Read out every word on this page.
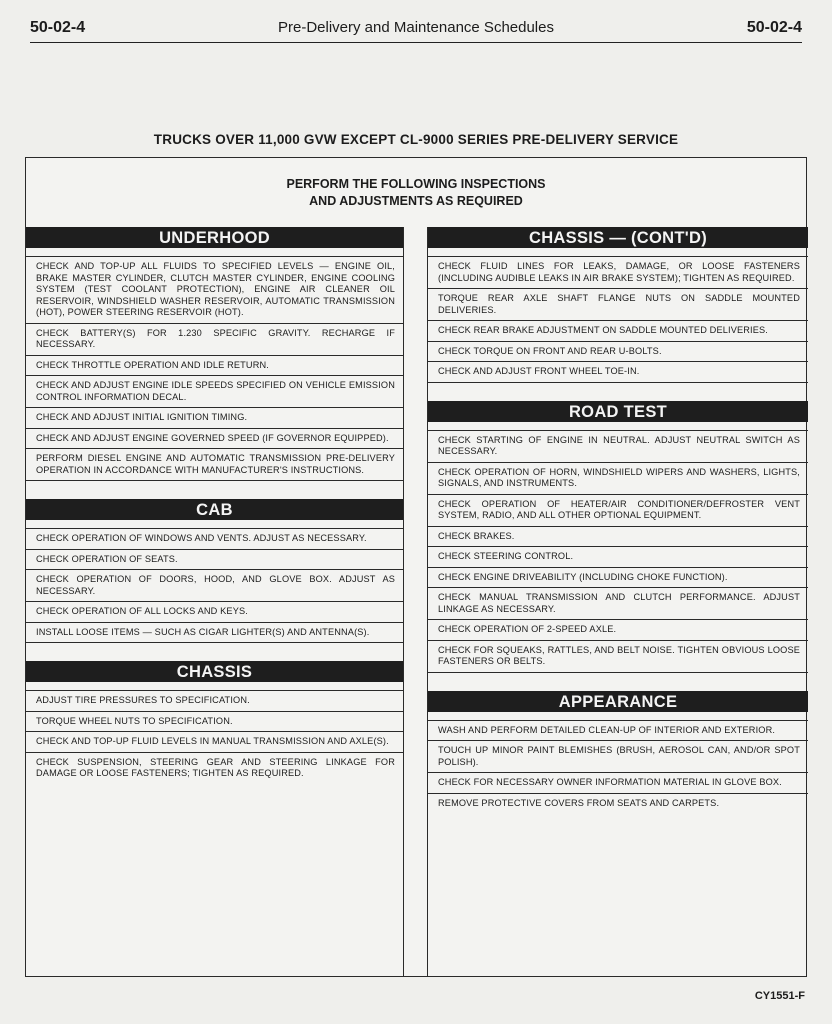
50-02-4	Pre-Delivery and Maintenance Schedules	50-02-4
TRUCKS OVER 11,000 GVW EXCEPT CL-9000 SERIES PRE-DELIVERY SERVICE
PERFORM THE FOLLOWING INSPECTIONS
AND ADJUSTMENTS AS REQUIRED
UNDERHOOD
CHECK AND TOP-UP ALL FLUIDS TO SPECIFIED LEVELS — ENGINE OIL, BRAKE MASTER CYLINDER, CLUTCH MASTER CYLINDER, ENGINE COOLING SYSTEM (TEST COOLANT PROTECTION), ENGINE AIR CLEANER OIL RESERVOIR, WINDSHIELD WASHER RESERVOIR, AUTOMATIC TRANSMISSION (HOT), POWER STEERING RESERVOIR (HOT).
CHECK BATTERY(S) FOR 1.230 SPECIFIC GRAVITY. RECHARGE IF NECESSARY.
CHECK THROTTLE OPERATION AND IDLE RETURN.
CHECK AND ADJUST ENGINE IDLE SPEEDS SPECIFIED ON VEHICLE EMISSION CONTROL INFORMATION DECAL.
CHECK AND ADJUST INITIAL IGNITION TIMING.
CHECK AND ADJUST ENGINE GOVERNED SPEED (IF GOVERNOR EQUIPPED).
PERFORM DIESEL ENGINE AND AUTOMATIC TRANSMISSION PRE-DELIVERY OPERATION IN ACCORDANCE WITH MANUFACTURER'S INSTRUCTIONS.
CAB
CHECK OPERATION OF WINDOWS AND VENTS. ADJUST AS NECESSARY.
CHECK OPERATION OF SEATS.
CHECK OPERATION OF DOORS, HOOD, AND GLOVE BOX. ADJUST AS NECESSARY.
CHECK OPERATION OF ALL LOCKS AND KEYS.
INSTALL LOOSE ITEMS — SUCH AS CIGAR LIGHTER(S) AND ANTENNA(S).
CHASSIS
ADJUST TIRE PRESSURES TO SPECIFICATION.
TORQUE WHEEL NUTS TO SPECIFICATION.
CHECK AND TOP-UP FLUID LEVELS IN MANUAL TRANSMISSION AND AXLE(S).
CHECK SUSPENSION, STEERING GEAR AND STEERING LINKAGE FOR DAMAGE OR LOOSE FASTENERS; TIGHTEN AS REQUIRED.
CHASSIS — (CONT'D)
CHECK FLUID LINES FOR LEAKS, DAMAGE, OR LOOSE FASTENERS (INCLUDING AUDIBLE LEAKS IN AIR BRAKE SYSTEM); TIGHTEN AS REQUIRED.
TORQUE REAR AXLE SHAFT FLANGE NUTS ON SADDLE MOUNTED DELIVERIES.
CHECK REAR BRAKE ADJUSTMENT ON SADDLE MOUNTED DELIVERIES.
CHECK TORQUE ON FRONT AND REAR U-BOLTS.
CHECK AND ADJUST FRONT WHEEL TOE-IN.
ROAD TEST
CHECK STARTING OF ENGINE IN NEUTRAL. ADJUST NEUTRAL SWITCH AS NECESSARY.
CHECK OPERATION OF HORN, WINDSHIELD WIPERS AND WASHERS, LIGHTS, SIGNALS, AND INSTRUMENTS.
CHECK OPERATION OF HEATER/AIR CONDITIONER/DEFROSTER VENT SYSTEM, RADIO, AND ALL OTHER OPTIONAL EQUIPMENT.
CHECK BRAKES.
CHECK STEERING CONTROL.
CHECK ENGINE DRIVEABILITY (INCLUDING CHOKE FUNCTION).
CHECK MANUAL TRANSMISSION AND CLUTCH PERFORMANCE. ADJUST LINKAGE AS NECESSARY.
CHECK OPERATION OF 2-SPEED AXLE.
CHECK FOR SQUEAKS, RATTLES, AND BELT NOISE. TIGHTEN OBVIOUS LOOSE FASTENERS OR BELTS.
APPEARANCE
WASH AND PERFORM DETAILED CLEAN-UP OF INTERIOR AND EXTERIOR.
TOUCH UP MINOR PAINT BLEMISHES (BRUSH, AEROSOL CAN, AND/OR SPOT POLISH).
CHECK FOR NECESSARY OWNER INFORMATION MATERIAL IN GLOVE BOX.
REMOVE PROTECTIVE COVERS FROM SEATS AND CARPETS.
CY1551-F
